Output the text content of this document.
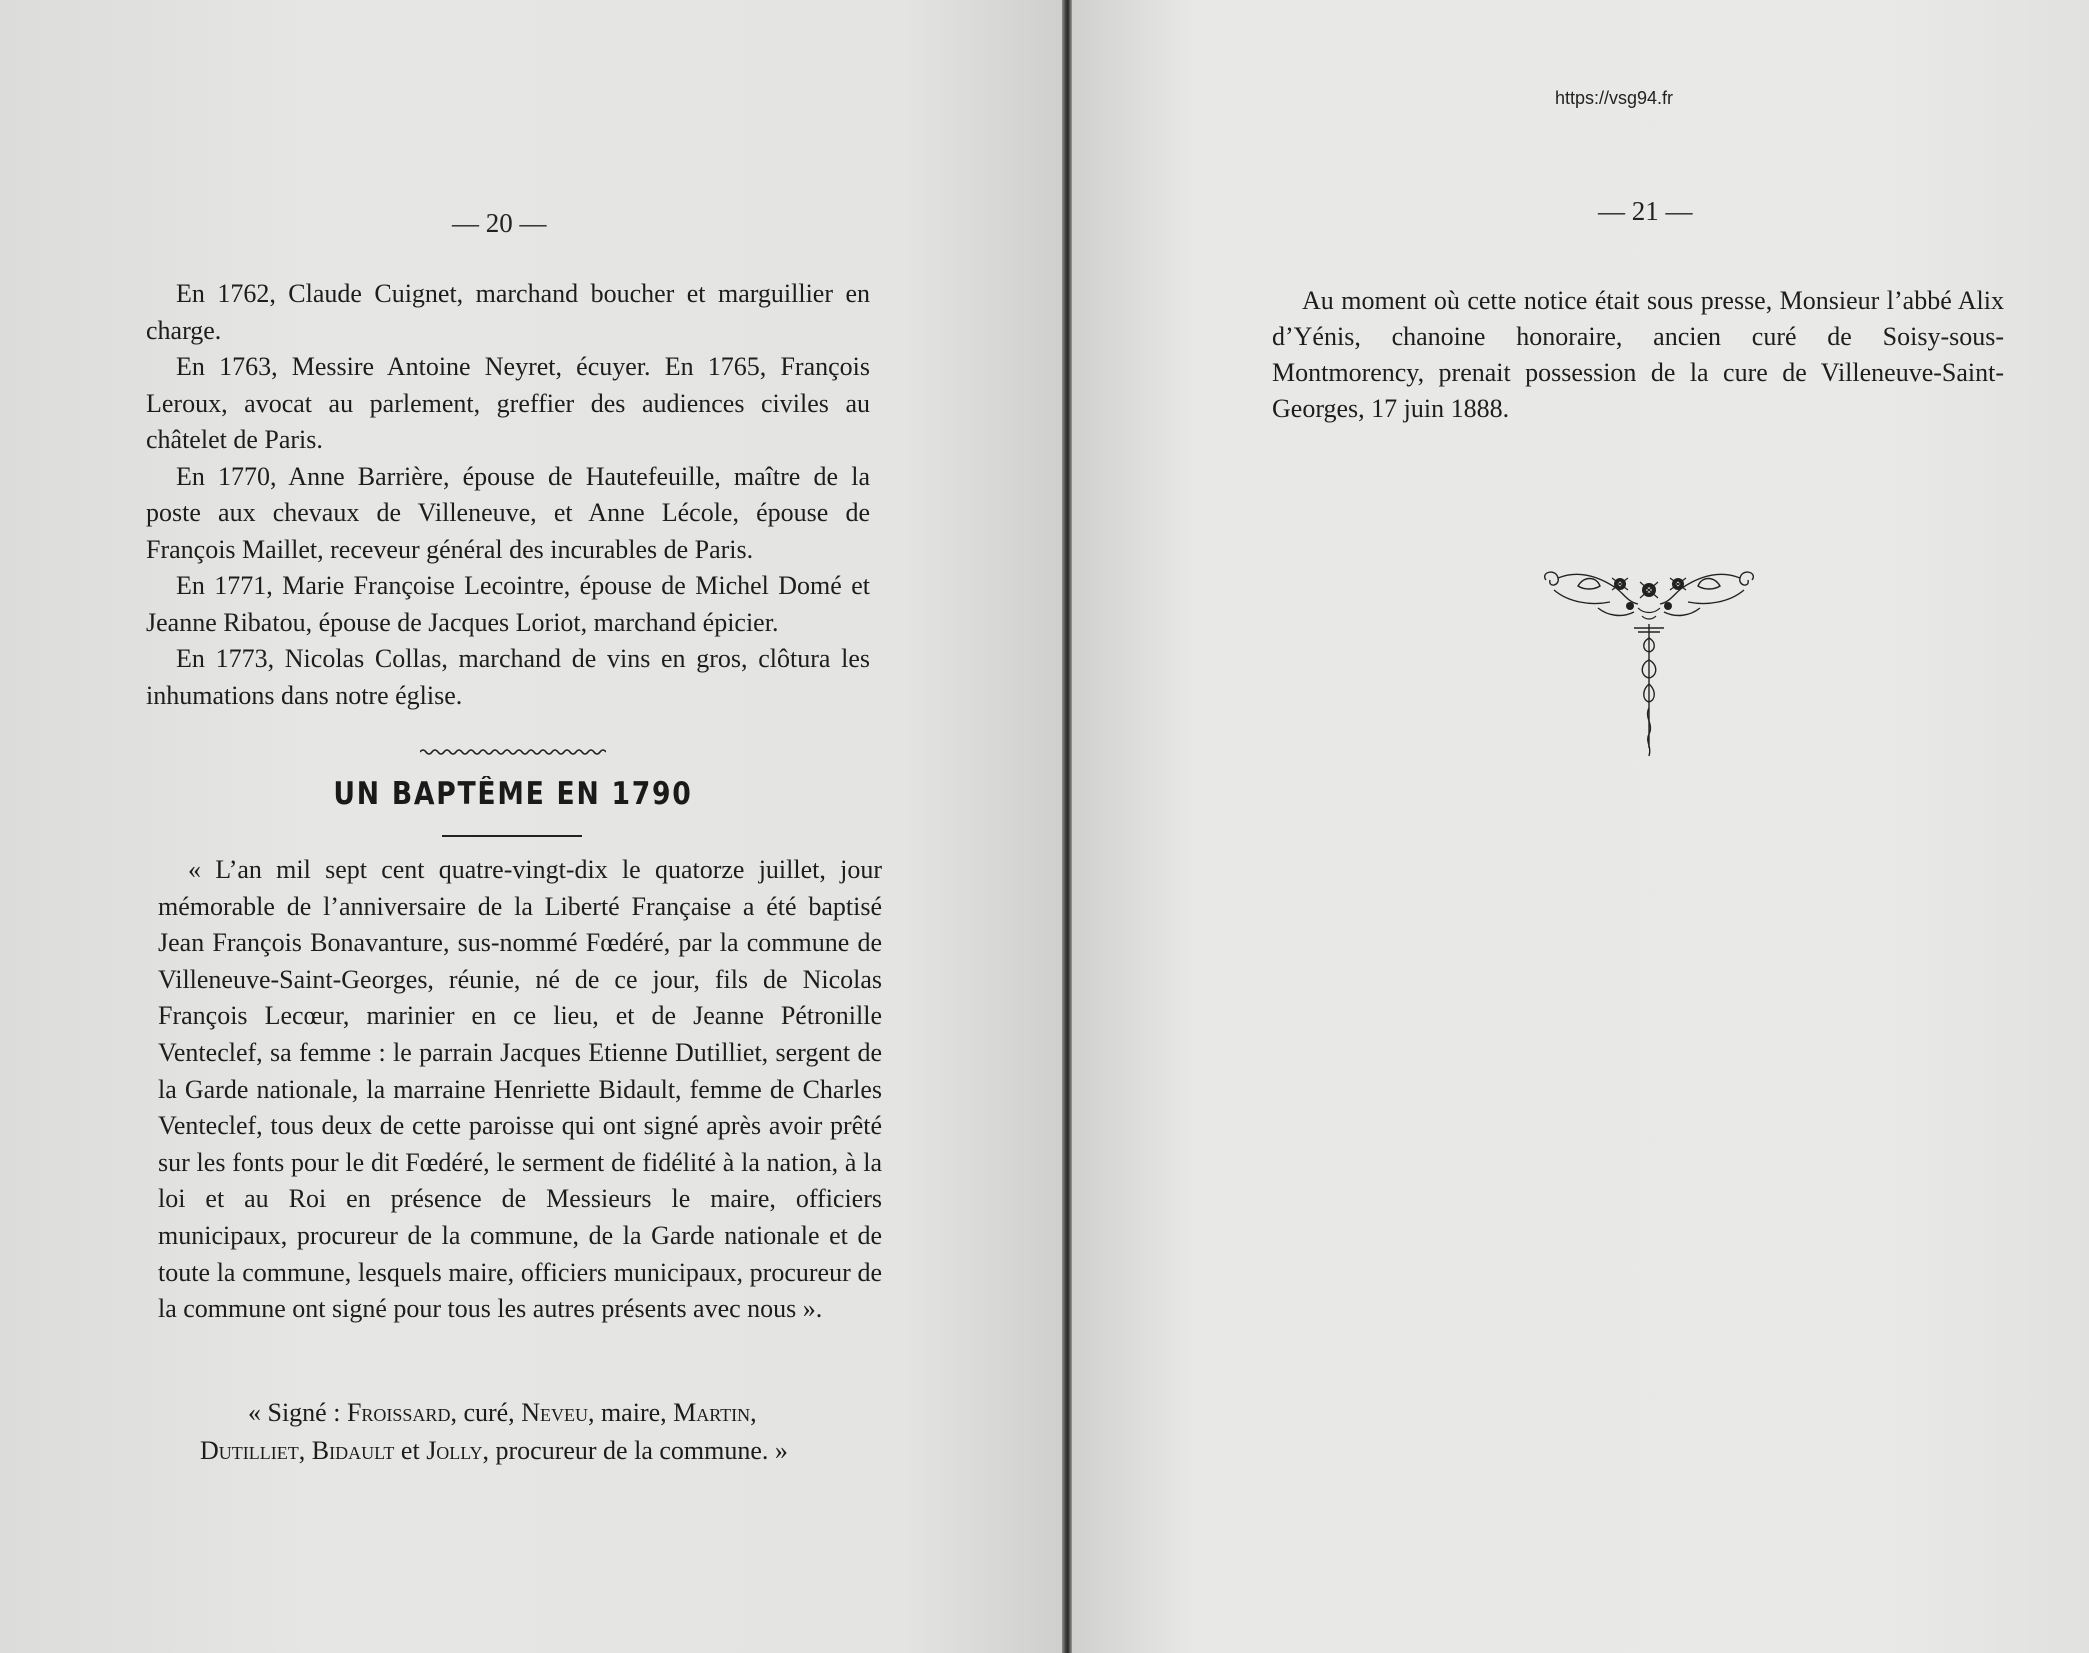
https://vsg94.fr
— 20 —	— 21 —

En 1762, Claude Cuignet, marchand boucher et marguillier en charge.

En 1763, Messire Antoine Neyret, écuyer. En 1765, François Leroux, avocat au parlement, greffier des audiences civiles au châtelet de Paris.

En 1770, Anne Barrière, épouse de Hautefeuille, maître de la poste aux chevaux de Villeneuve, et Anne Lécole, épouse de François Maillet, receveur général des incurables de Paris.

En 1771, Marie Françoise Lecointre, épouse de Michel Domé et Jeanne Ribatou, épouse de Jacques Loriot, marchand épicier.

En 1773, Nicolas Collas, marchand de vins en gros, clôtura les inhumations dans notre église.

UN BAPTÊME EN 1790

« L’an mil sept cent quatre-vingt-dix le quatorze juillet, jour mémorable de l’anniversaire de la Liberté Française a été baptisé Jean François Bonavanture, sus-nommé Fœdéré, par la commune de Villeneuve-Saint-Georges, réunie, né de ce jour, fils de Nicolas François Lecœur, marinier en ce lieu, et de Jeanne Pétronille Venteclef, sa femme : le parrain Jacques Etienne Dutilliet, sergent de la Garde nationale, la marraine Henriette Bidault, femme de Charles Venteclef, tous deux de cette paroisse qui ont signé après avoir prêté sur les fonts pour le dit Fœdéré, le serment de fidélité à la nation, à la loi et au Roi en présence de Messieurs le maire, officiers municipaux, procureur de la commune, de la Garde nationale et de toute la commune, lesquels maire, officiers municipaux, procureur de la commune ont signé pour tous les autres présents avec nous ».

« Signé : Froissard, curé, Neveu, maire, Martin,
Dutilliet, Bidault et Jolly, procureur de la commune. »

Au moment où cette notice était sous presse, Monsieur l’abbé Alix d’Yénis, chanoine honoraire, ancien curé de Soisy-sous-Montmorency, prenait possession de la cure de Villeneuve-Saint-Georges, 17 juin 1888.
